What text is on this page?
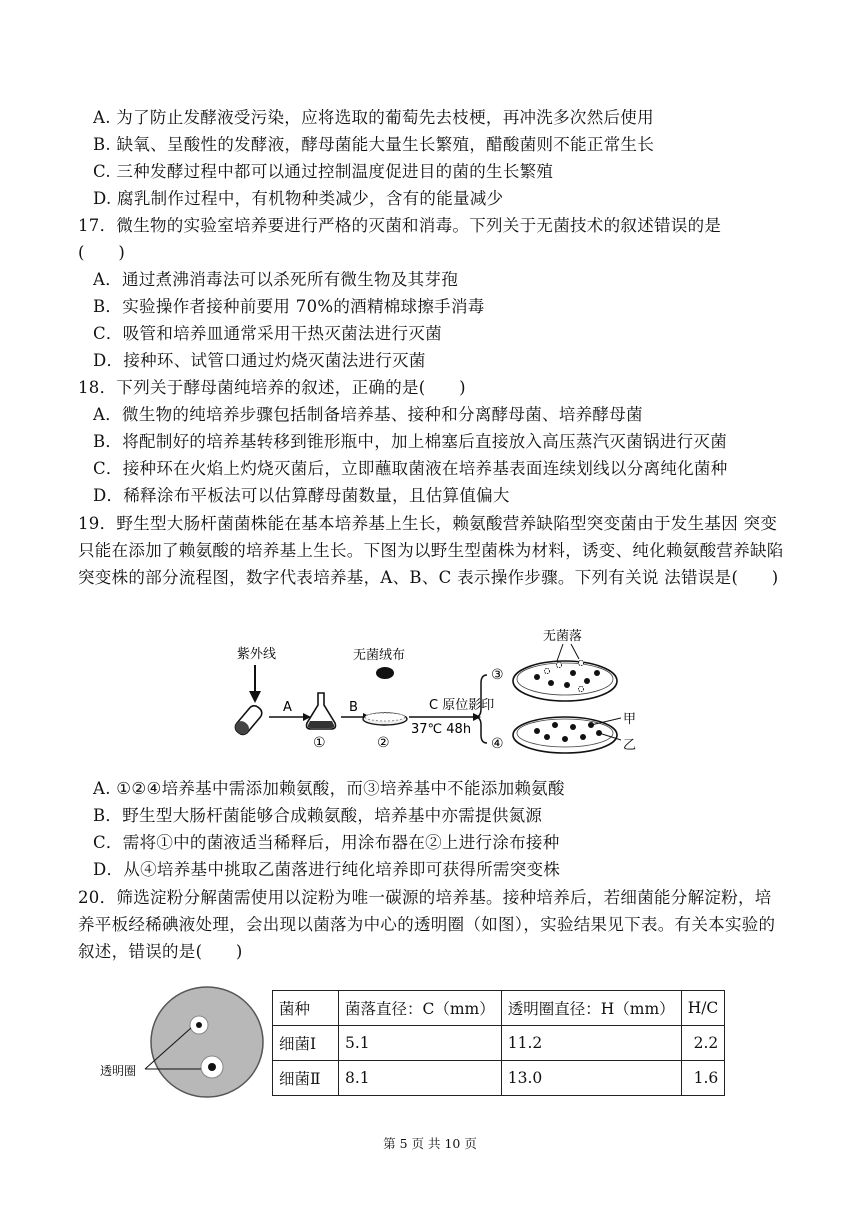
A. 为了防止发酵液受污染，应将选取的葡萄先去枝梗，再冲洗多次然后使用
B. 缺氧、呈酸性的发酵液，酵母菌能大量生长繁殖，醋酸菌则不能正常生长
C. 三种发酵过程中都可以通过控制温度促进目的菌的生长繁殖
D. 腐乳制作过程中，有机物种类减少，含有的能量减少
17．微生物的实验室培养要进行严格的灭菌和消毒。下列关于无菌技术的叙述错误的是
(　　)
A．通过煮沸消毒法可以杀死所有微生物及其芽孢
B．实验操作者接种前要用 70%的酒精棉球擦手消毒
C．吸管和培养皿通常采用干热灭菌法进行灭菌
D．接种环、试管口通过灼烧灭菌法进行灭菌
18．下列关于酵母菌纯培养的叙述，正确的是(　　)
A．微生物的纯培养步骤包括制备培养基、接种和分离酵母菌、培养酵母菌
B．将配制好的培养基转移到锥形瓶中，加上棉塞后直接放入高压蒸汽灭菌锅进行灭菌
C．接种环在火焰上灼烧灭菌后，立即蘸取菌液在培养基表面连续划线以分离纯化菌种
D．稀释涂布平板法可以估算酵母菌数量，且估算值偏大
19．野生型大肠杆菌菌株能在基本培养基上生长，赖氨酸营养缺陷型突变菌由于发生基因 突变只能在添加了赖氨酸的培养基上生长。下图为以野生型菌株为材料，诱变、纯化赖氨酸营养缺陷突变株的部分流程图，数字代表培养基，A、B、C 表示操作步骤。下列有关说 法错误是(　　)
紫外线
A
①
B
无菌绒布
②
C 原位影印
37℃ 48h
③
④
无菌落
甲
乙
A. ①②④培养基中需添加赖氨酸，而③培养基中不能添加赖氨酸
B．野生型大肠杆菌能够合成赖氨酸，培养基中亦需提供氮源
C．需将①中的菌液适当稀释后，用涂布器在②上进行涂布接种
D．从④培养基中挑取乙菌落进行纯化培养即可获得所需突变株
20．筛选淀粉分解菌需使用以淀粉为唯一碳源的培养基。接种培养后，若细菌能分解淀粉，培养平板经稀碘液处理，会出现以菌落为中心的透明圈（如图），实验结果见下表。有关本实验的叙述，错误的是(　　)
透明圈
菌种	菌落直径：C（mm）	透明圈直径：H（mm）	H/C
细菌Ⅰ	5.1	11.2	2.2
细菌Ⅱ	8.1	13.0	1.6
第 5 页 共 10 页
